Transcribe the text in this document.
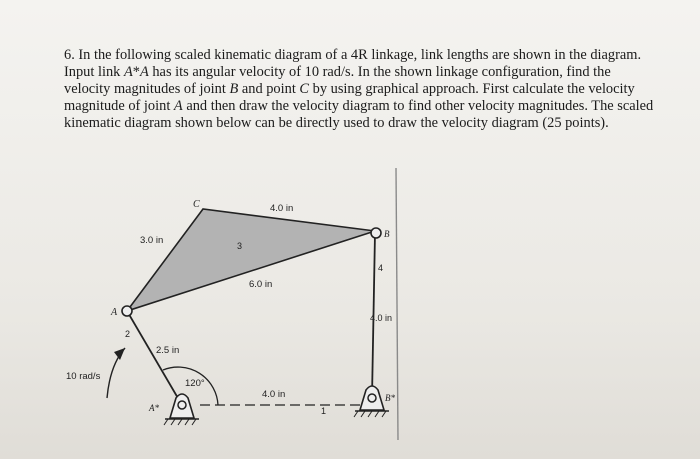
6. In the following scaled kinematic diagram of a 4R linkage, link lengths are shown in the diagram. Input link A*A has its angular velocity of 10 rad/s. In the shown linkage configuration, find the velocity magnitudes of joint B and point C by using graphical approach. First calculate the velocity magnitude of joint A and then draw the velocity diagram to find other velocity magnitudes. The scaled kinematic diagram shown below can be directly used to draw the velocity diagram (25 points).

C
B
A
A*
B*
3.0 in
4.0 in
6.0 in
4.0 in
2.5 in
4.0 in
120°
10 rad/s
1
2
3
4
